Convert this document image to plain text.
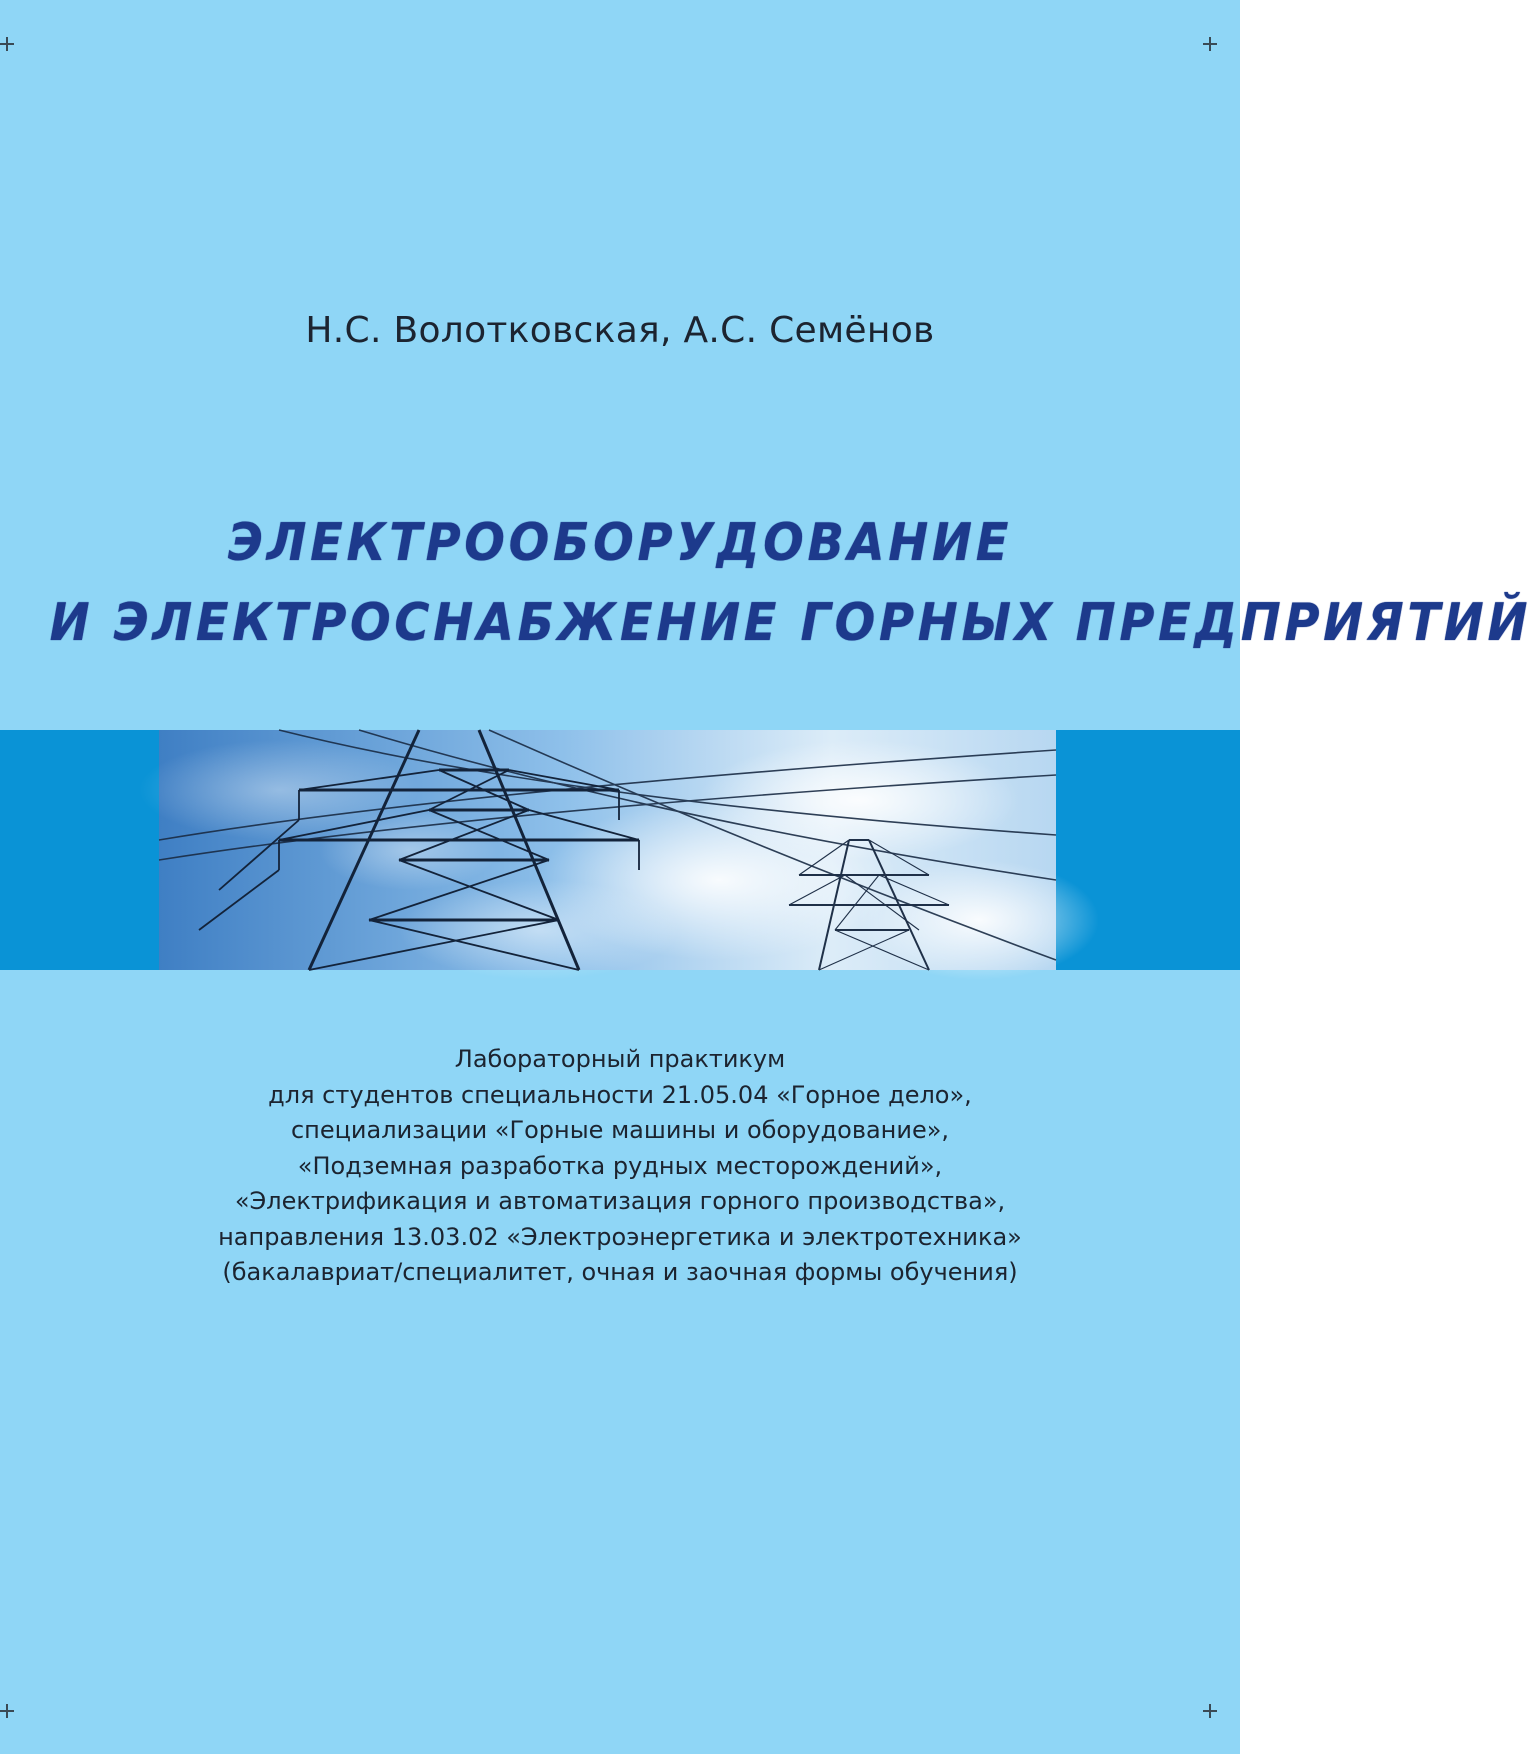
Н.С. Волотковская, А.С. Семёнов
ЭЛЕКТРООБОРУДОВАНИЕ
И ЭЛЕКТРОСНАБЖЕНИЕ ГОРНЫХ ПРЕДПРИЯТИЙ
Лабораторный практикум
для студентов специальности 21.05.04 «Горное дело»,
специализации «Горные машины и оборудование»,
«Подземная разработка рудных месторождений»,
«Электрификация и автоматизация горного производства»,
направления 13.03.02 «Электроэнергетика и электротехника»
(бакалавриат/специалитет, очная и заочная формы обучения)
